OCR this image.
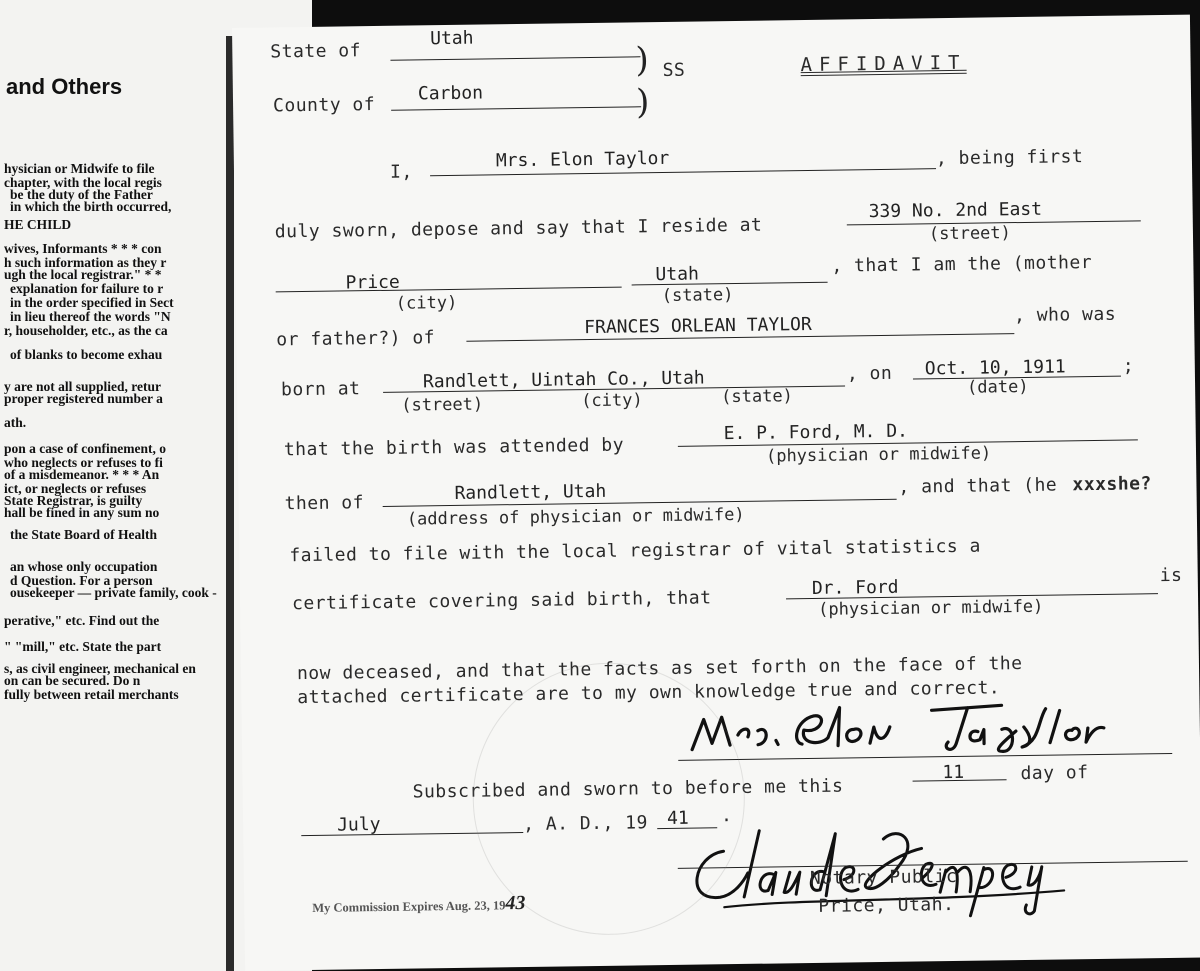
and Others
hysician or Midwife to file
chapter, with the local regis
be the duty of the Father
in which the birth occurred,
HE CHILD
wives, Informants * * * con
h such information as they r
ugh the local registrar." * *
explanation for failure to r
in the order specified in Sect
in lieu thereof the words "N
r, householder, etc., as the ca
of blanks to become exhau
y are not all supplied, retur
proper registered number a
ath.
pon a case of confinement, o
who neglects or refuses to fi
of a misdemeanor. * * * An
ict, or neglects or refuses
State Registrar, is guilty
hall be fined in any sum no
the State Board of Health
an whose only occupation
d Question. For a person
ousekeeper — private family, cook -
perative," etc. Find out the
" "mill," etc. State the part
s, as civil engineer, mechanical en
on can be secured. Do n
fully between retail merchants
State of
Utah
) SS
)
AFFIDAVIT
County of
Carbon
I,
Mrs. Elon Taylor	, being first
duly sworn, depose and say that I reside at
339 No. 2nd East
(street)
Price	Utah	, that I am the (mother
(city)	(state)
or father?) of
FRANCES ORLEAN TAYLOR	, who was
born at	Randlett, Uintah Co., Utah	, on Oct. 10, 1911	;
(street)	(city)	(state)	(date)
that the birth was attended by
E. P. Ford, M. D.
(physician or midwife)
then of	Randlett, Utah	, and that (he xxxshe?
(address of physician or midwife)
failed to file with the local registrar of vital statistics a
certificate covering said birth, that	Dr. Ford
is
(physician or midwife)
now deceased, and that the facts as set forth on the face of the
attached certificate are to my own knowledge true and correct.
Subscribed and sworn to before me this
11	day of
July	, A. D., 19 41 .
Notary Public
Price, Utah.
My Commission Expires Aug. 23, 1943
